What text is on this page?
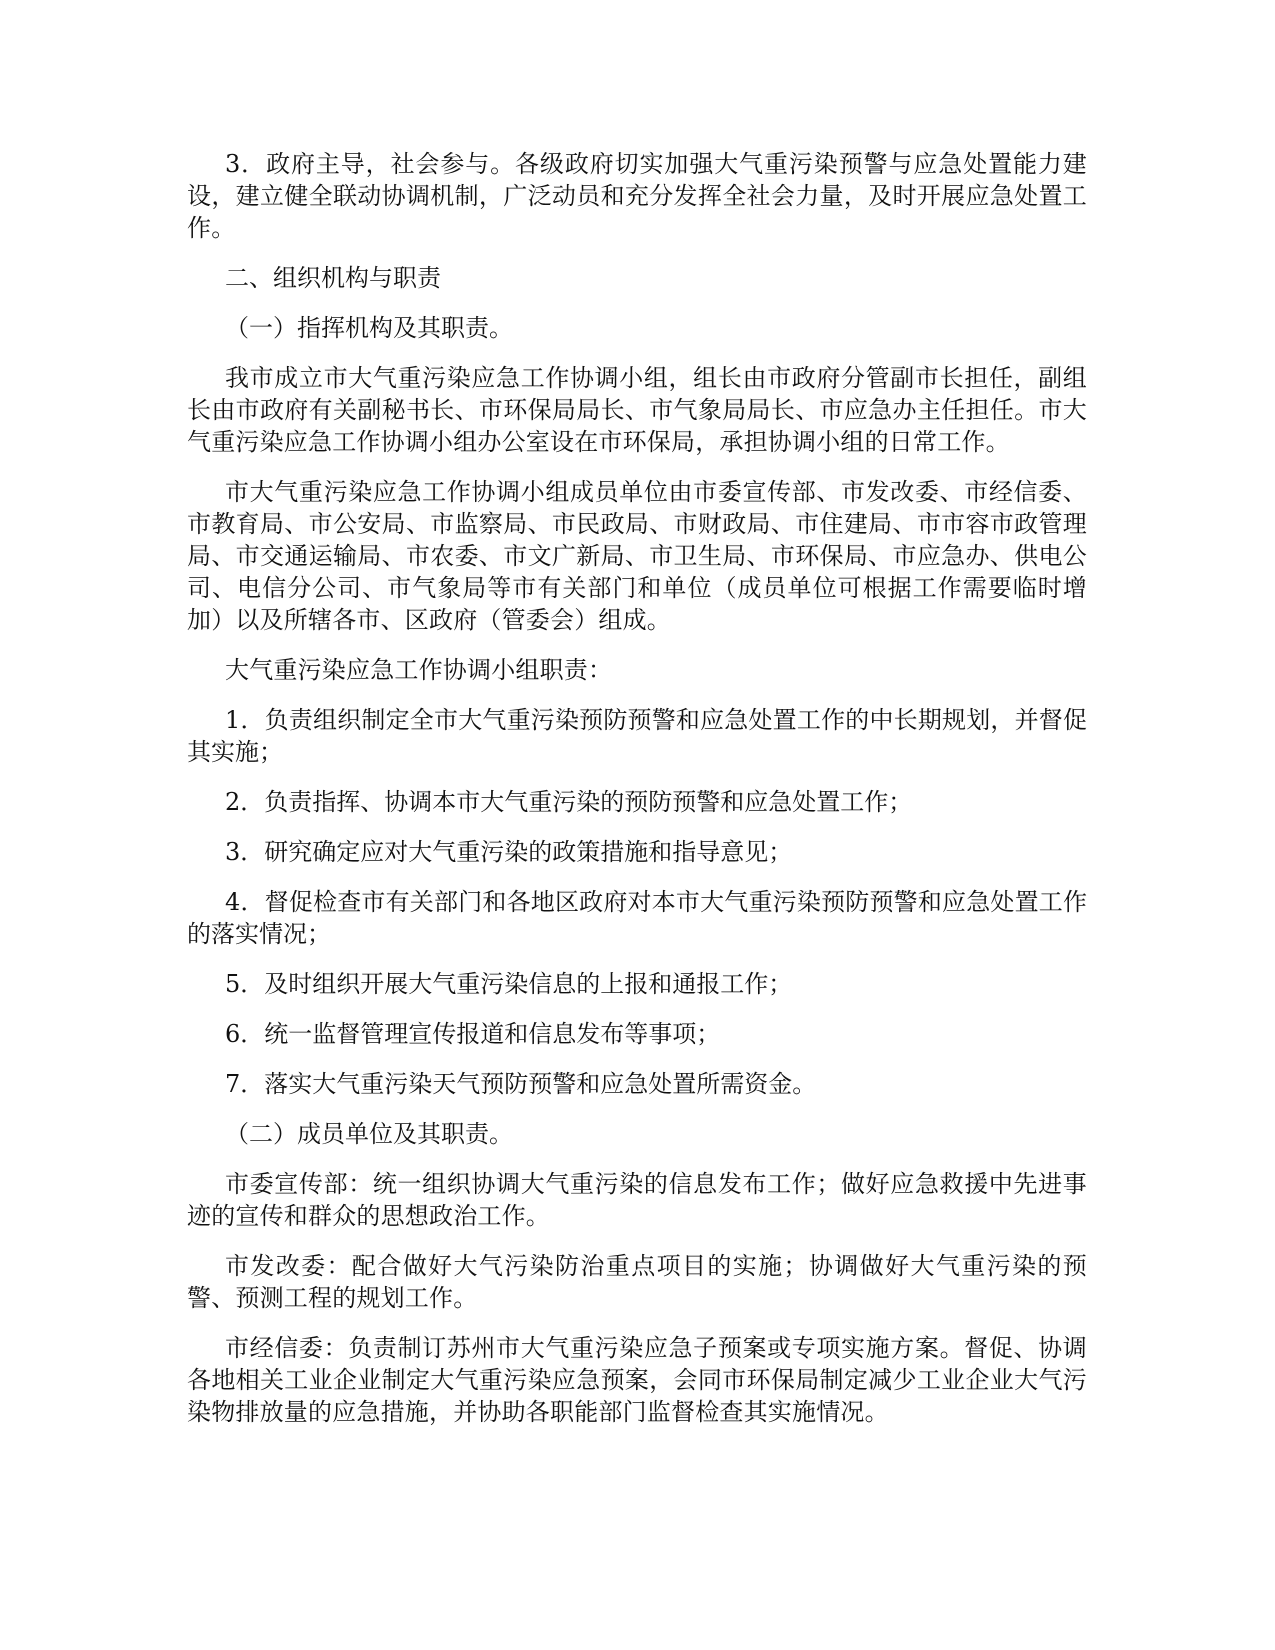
3．政府主导，社会参与。各级政府切实加强大气重污染预警与应急处置能力建设，建立健全联动协调机制，广泛动员和充分发挥全社会力量，及时开展应急处置工作。

二、组织机构与职责

（一）指挥机构及其职责。

我市成立市大气重污染应急工作协调小组，组长由市政府分管副市长担任，副组长由市政府有关副秘书长、市环保局局长、市气象局局长、市应急办主任担任。市大气重污染应急工作协调小组办公室设在市环保局，承担协调小组的日常工作。

市大气重污染应急工作协调小组成员单位由市委宣传部、市发改委、市经信委、市教育局、市公安局、市监察局、市民政局、市财政局、市住建局、市市容市政管理局、市交通运输局、市农委、市文广新局、市卫生局、市环保局、市应急办、供电公司、电信分公司、市气象局等市有关部门和单位（成员单位可根据工作需要临时增加）以及所辖各市、区政府（管委会）组成。

大气重污染应急工作协调小组职责：

1．负责组织制定全市大气重污染预防预警和应急处置工作的中长期规划，并督促其实施；

2．负责指挥、协调本市大气重污染的预防预警和应急处置工作；

3．研究确定应对大气重污染的政策措施和指导意见；

4．督促检查市有关部门和各地区政府对本市大气重污染预防预警和应急处置工作的落实情况；

5．及时组织开展大气重污染信息的上报和通报工作；

6．统一监督管理宣传报道和信息发布等事项；

7．落实大气重污染天气预防预警和应急处置所需资金。

（二）成员单位及其职责。

市委宣传部：统一组织协调大气重污染的信息发布工作；做好应急救援中先进事迹的宣传和群众的思想政治工作。

市发改委：配合做好大气污染防治重点项目的实施；协调做好大气重污染的预警、预测工程的规划工作。

市经信委：负责制订苏州市大气重污染应急子预案或专项实施方案。督促、协调各地相关工业企业制定大气重污染应急预案，会同市环保局制定减少工业企业大气污染物排放量的应急措施，并协助各职能部门监督检查其实施情况。
